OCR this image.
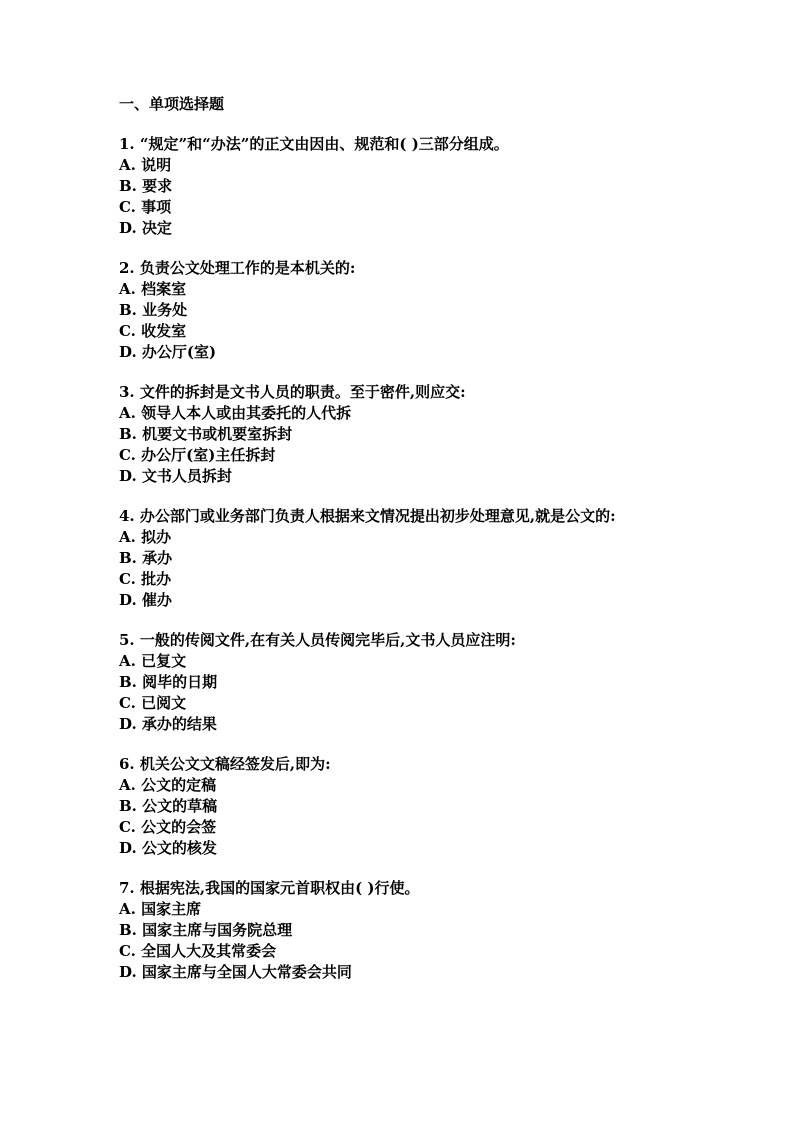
一、单项选择题
1. “规定”和“办法”的正文由因由、规范和( )三部分组成。
A. 说明
B. 要求
C. 事项
D. 决定
2. 负责公文处理工作的是本机关的:
A. 档案室
B. 业务处
C. 收发室
D. 办公厅(室)
3. 文件的拆封是文书人员的职责。至于密件,则应交:
A. 领导人本人或由其委托的人代拆
B. 机要文书或机要室拆封
C. 办公厅(室)主任拆封
D. 文书人员拆封
4. 办公部门或业务部门负责人根据来文情况提出初步处理意见,就是公文的:
A. 拟办
B. 承办
C. 批办
D. 催办
5. 一般的传阅文件,在有关人员传阅完毕后,文书人员应注明:
A. 已复文
B. 阅毕的日期
C. 已阅文
D. 承办的结果
6. 机关公文文稿经签发后,即为:
A. 公文的定稿
B. 公文的草稿
C. 公文的会签
D. 公文的核发
7. 根据宪法,我国的国家元首职权由( )行使。
A. 国家主席
B. 国家主席与国务院总理
C. 全国人大及其常委会
D. 国家主席与全国人大常委会共同
